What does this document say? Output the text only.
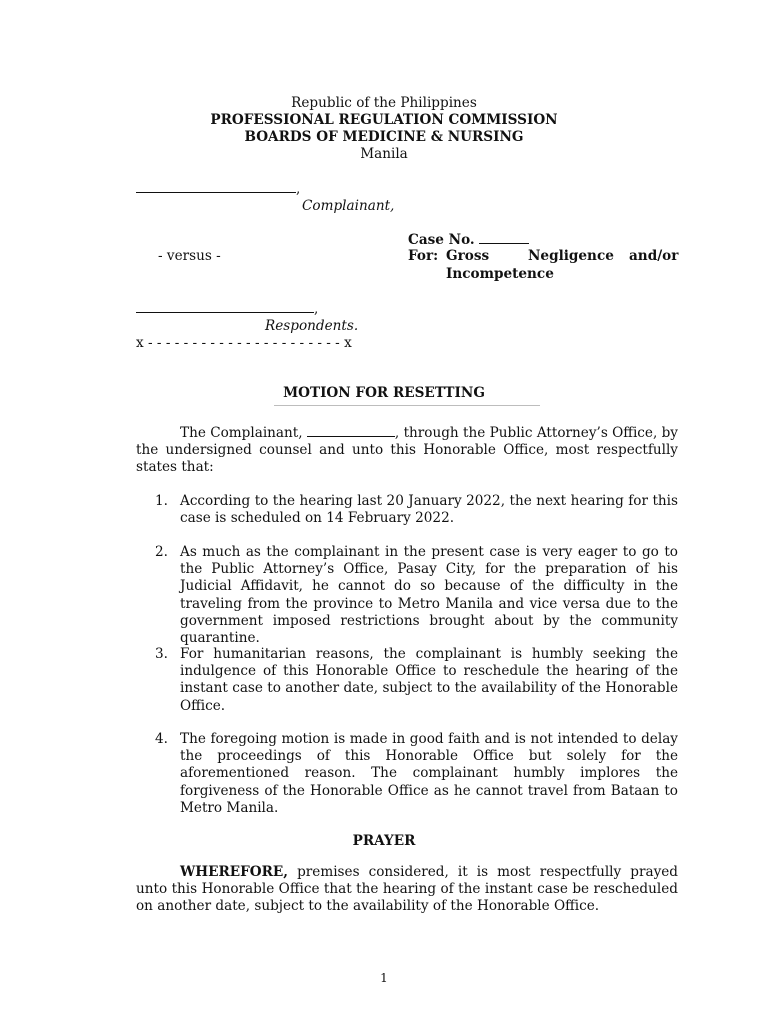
Republic of the Philippines
PROFESSIONAL REGULATION COMMISSION
BOARDS OF MEDICINE & NURSING
Manila
,
Complainant,
Case No.
- versus -	For: Gross	Negligence and/or
Incompetence
,
Respondents.
x - - - - - - - - - - - - - - - - - - - - - - x
MOTION FOR RESETTING
The Complainant,	, through the Public Attorney’s Office, by the undersigned counsel and unto this Honorable Office, most respectfully states that:
1. According to the hearing last 20 January 2022, the next hearing for this case is scheduled on 14 February 2022.
2. As much as the complainant in the present case is very eager to go to the Public Attorney’s Office, Pasay City, for the preparation of his Judicial Affidavit, he cannot do so because of the difficulty in the traveling from the province to Metro Manila and vice versa due to the government imposed restrictions brought about by the community quarantine.
3. For humanitarian reasons, the complainant is humbly seeking the indulgence of this Honorable Office to reschedule the hearing of the instant case to another date, subject to the availability of the Honorable Office.
4. The foregoing motion is made in good faith and is not intended to delay the proceedings of this Honorable Office but solely for the aforementioned reason. The complainant humbly implores the forgiveness of the Honorable Office as he cannot travel from Bataan to Metro Manila.
PRAYER
WHEREFORE, premises considered, it is most respectfully prayed unto this Honorable Office that the hearing of the instant case be rescheduled on another date, subject to the availability of the Honorable Office.
1
